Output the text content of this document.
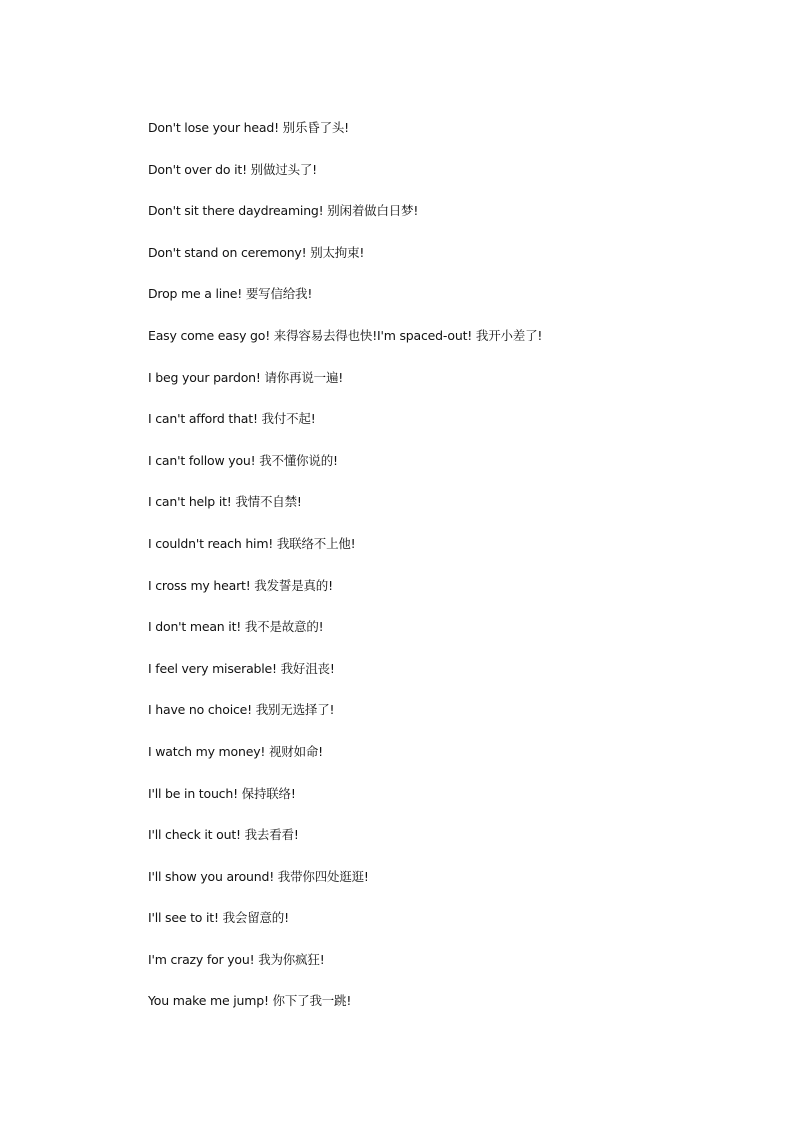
Don't lose your head! 别乐昏了头!
Don't over do it! 别做过头了!
Don't sit there daydreaming! 别闲着做白日梦!
Don't stand on ceremony! 别太拘束!
Drop me a line! 要写信给我!
Easy come easy go! 来得容易去得也快!I'm spaced-out! 我开小差了!
I beg your pardon! 请你再说一遍!
I can't afford that! 我付不起!
I can't follow you! 我不懂你说的!
I can't help it! 我情不自禁!
I couldn't reach him! 我联络不上他!
I cross my heart! 我发誓是真的!
I don't mean it! 我不是故意的!
I feel very miserable! 我好沮丧!
I have no choice! 我别无选择了!
I watch my money! 视财如命!
I'll be in touch! 保持联络!
I'll check it out! 我去看看!
I'll show you around! 我带你四处逛逛!
I'll see to it! 我会留意的!
I'm crazy for you! 我为你疯狂!
You make me jump! 你下了我一跳!
